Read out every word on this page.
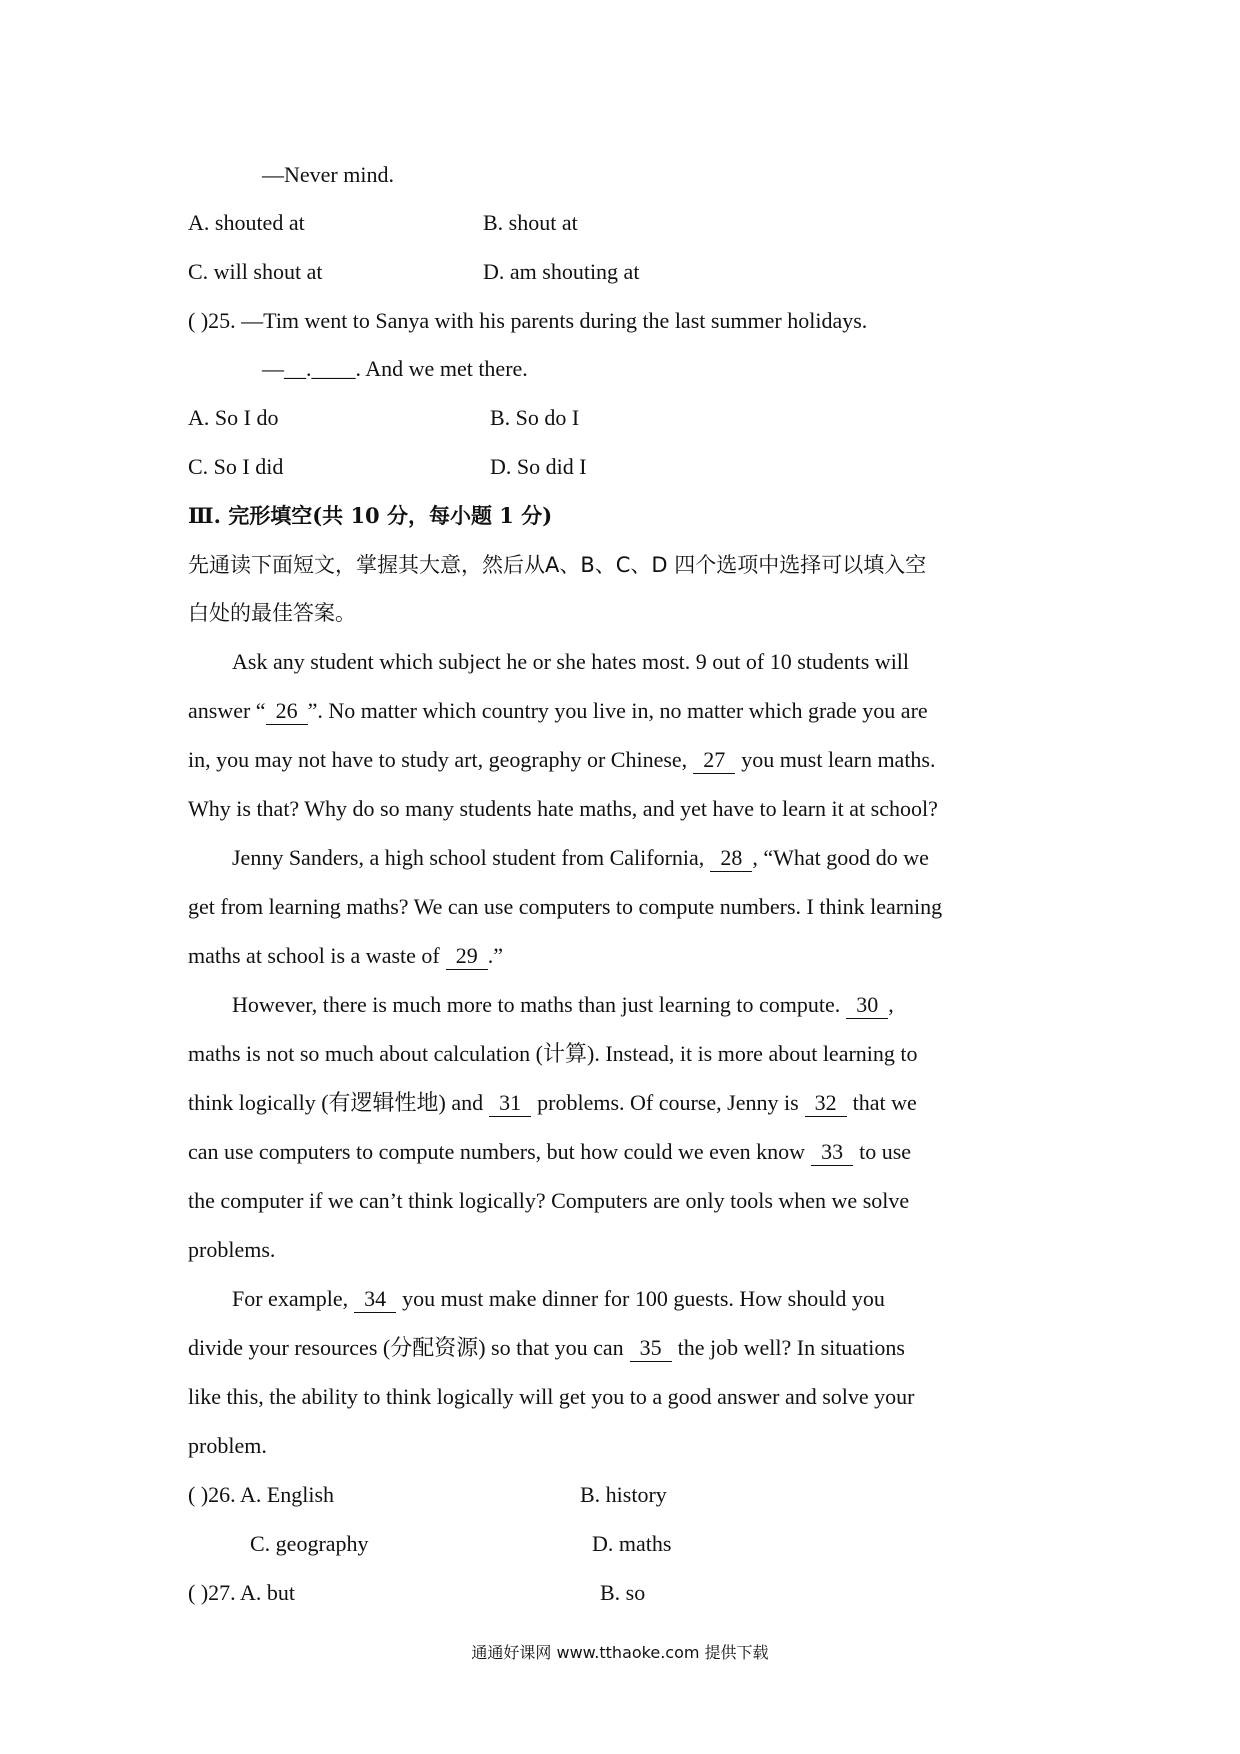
—Never mind.
A. shouted at	B. shout at
C. will shout at	D. am shouting at
( )25. —Tim went to Sanya with his parents during the last summer holidays.
—__.____. And we met there.
A. So I do	B. So do I
C. So I did	D. So did I
Ⅲ. 完形填空(共 10 分，每小题 1 分)
先通读下面短文，掌握其大意，然后从A、B、C、D 四个选项中选择可以填入空
白处的最佳答案。
Ask any student which subject he or she hates most. 9 out of 10 students will
answer “ 26 ”. No matter which country you live in, no matter which grade you are
in, you may not have to study art, geography or Chinese, 27 you must learn maths.
Why is that? Why do so many students hate maths, and yet have to learn it at school?
Jenny Sanders, a high school student from California, 28 , “What good do we
get from learning maths? We can use computers to compute numbers. I think learning
maths at school is a waste of 29 .”
However, there is much more to maths than just learning to compute. 30 ,
maths is not so much about calculation (计算). Instead, it is more about learning to
think logically (有逻辑性地) and 31 problems. Of course, Jenny is 32 that we
can use computers to compute numbers, but how could we even know 33 to use
the computer if we can’t think logically? Computers are only tools when we solve
problems.
For example, 34 you must make dinner for 100 guests. How should you
divide your resources (分配资源) so that you can 35 the job well? In situations
like this, the ability to think logically will get you to a good answer and solve your
problem.
( )26. A. English	B. history
C. geography	D. maths
( )27. A. but	B. so
通通好课网 www.tthaoke.com 提供下载
